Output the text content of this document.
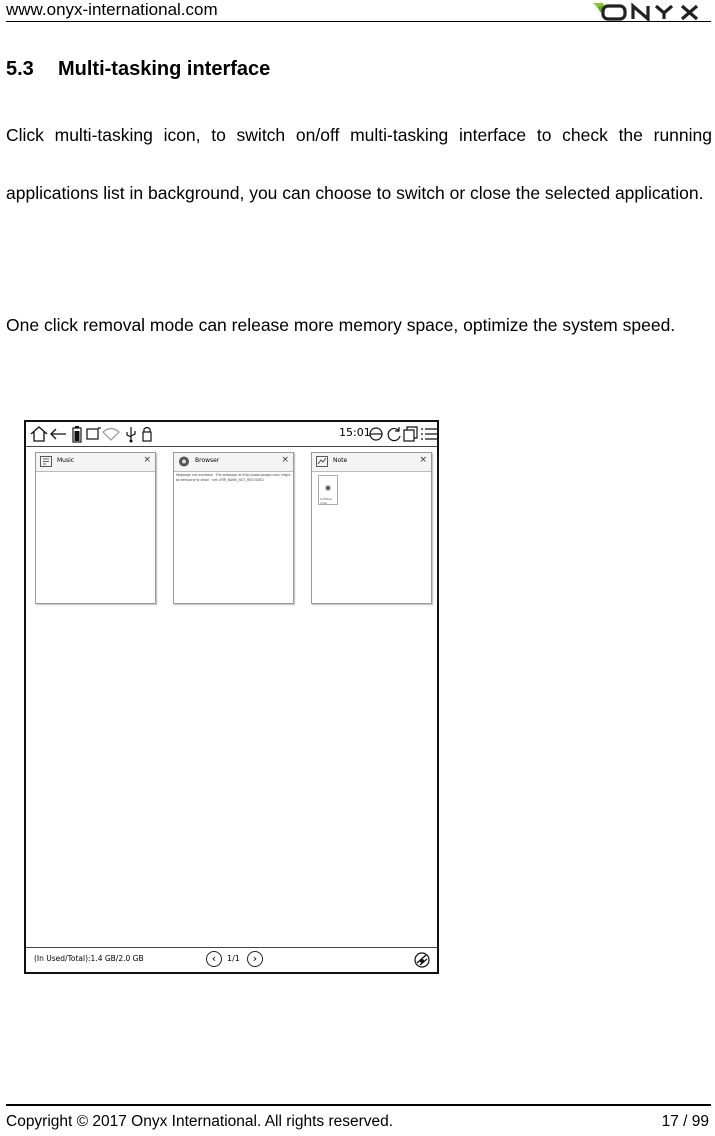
www.onyx-international.com
5.3 Multi-tasking interface

Click multi-tasking icon, to switch on/off multi-tasking interface to check the running applications list in background, you can choose to switch or close the selected application.

One click removal mode can release more memory space, optimize the system speed.

15:01
Music	×	Browser	×
Webpage not available · The webpage at http://www.google.com/ might be temporarily down · net::ERR_NAME_NOT_RESOLVED
Note	×
Untitled note
(In Used/Total):1.4 GB/2.0 GB	‹	1/1	›
Copyright © 2017 Onyx International. All rights reserved.	17 / 99
